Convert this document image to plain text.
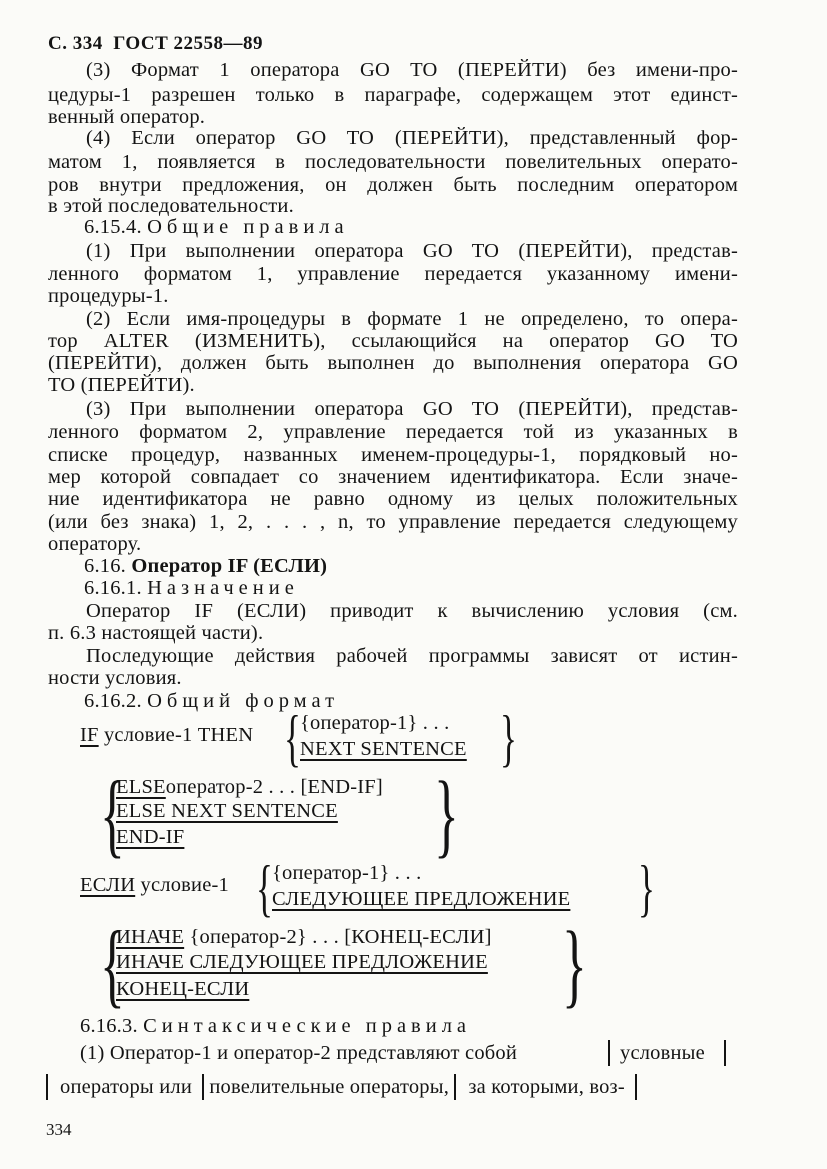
С. 334 ГОСТ 22558—89
(3) Формат 1 оператора GO TO (ПЕРЕЙТИ) без имени-про-
цедуры-1 разрешен только в параграфе, содержащем этот единст-
венный оператор.
(4) Если оператор GO TO (ПЕРЕЙТИ), представленный фор-
матом 1, появляется в последовательности повелительных операто-
ров внутри предложения, он должен быть последним оператором
в этой последовательности.
6.15.4. Общие правила
(1) При выполнении оператора GO TO (ПЕРЕЙТИ), представ-
ленного форматом 1, управление передается указанному имени-
процедуры-1.
(2) Если имя-процедуры в формате 1 не определено, то опера-
тор ALTER (ИЗМЕНИТЬ), ссылающийся на оператор GO TO
(ПЕРЕЙТИ), должен быть выполнен до выполнения оператора GO
TO (ПЕРЕЙТИ).
(3) При выполнении оператора GO TO (ПЕРЕЙТИ), представ-
ленного форматом 2, управление передается той из указанных в
списке процедур, названных именем-процедуры-1, порядковый но-
мер которой совпадает со значением идентификатора. Если значе-
ние идентификатора не равно одному из целых положительных
(или без знака) 1, 2, . . . , n, то управление передается следующему
оператору.
6.16. Оператор IF (ЕСЛИ)
6.16.1. Назначение
Оператор IF (ЕСЛИ) приводит к вычислению условия (см.
п. 6.3 настоящей части).
Последующие действия рабочей программы зависят от истин-
ности условия.
6.16.2. Общий формат
IF условие-1 THEN { {оператор-1} . . .
NEXT SENTENCE }
{
ELSEоператор-2 . . . [END-IF]
ELSE NEXT SENTENCE
END-IF	}
ЕСЛИ условие-1 { {оператор-1} . . .
СЛЕДУЮЩЕЕ ПРЕДЛОЖЕНИЕ }
{
ИНАЧЕ {оператор-2} . . . [КОНЕЦ-ЕСЛИ]
ИНАЧЕ СЛЕДУЮЩЕЕ ПРЕДЛОЖЕНИЕ
КОНЕЦ-ЕСЛИ	}
6.16.3. Синтаксические правила
(1) Оператор-1 и оператор-2 представляют собой	условные
операторы или повелительные операторы, за которыми, воз-
334
